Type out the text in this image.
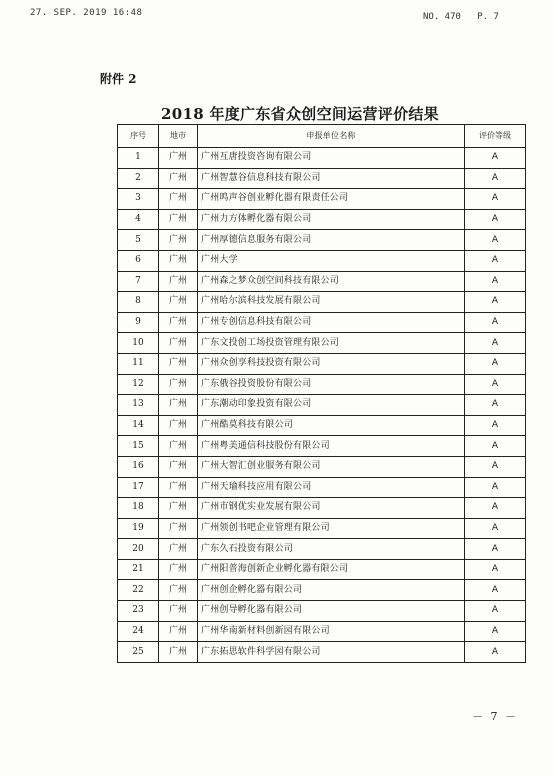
27. SEP. 2019 16:48	NO. 470 P. 7
附件 2
2018 年度广东省众创空间运营评价结果
序号	地市	申报单位名称	评价等级
1	广州	广州互唐投资咨询有限公司	A
2	广州	广州智慧谷信息科技有限公司	A
3	广州	广州鸣声谷创业孵化器有限责任公司	A
4	广州	广州力方体孵化器有限公司	A
5	广州	广州厚德信息服务有限公司	A
6	广州	广州大学	A
7	广州	广州森之梦众创空间科技有限公司	A
8	广州	广州哈尔滨科技发展有限公司	A
9	广州	广州专创信息科技有限公司	A
10	广州	广东文投创工场投资管理有限公司	A
11	广州	广州众创享科技投资有限公司	A
12	广州	广东俄谷投资股份有限公司	A
13	广州	广东潮动印象投资有限公司	A
14	广州	广州酷莫科技有限公司	A
15	广州	广州粤美通信科技股份有限公司	A
16	广州	广州大智汇创业服务有限公司	A
17	广州	广州天瑜科技应用有限公司	A
18	广州	广州市钢优实业发展有限公司	A
19	广州	广州领创书吧企业管理有限公司	A
20	广州	广东久石投资有限公司	A
21	广州	广州阳普海创新企业孵化器有限公司	A
22	广州	广州创企孵化器有限公司	A
23	广州	广州创导孵化器有限公司	A
24	广州	广州华南新材料创新园有限公司	A
25	广州	广东拓思软件科学园有限公司	A
－ 7 －
